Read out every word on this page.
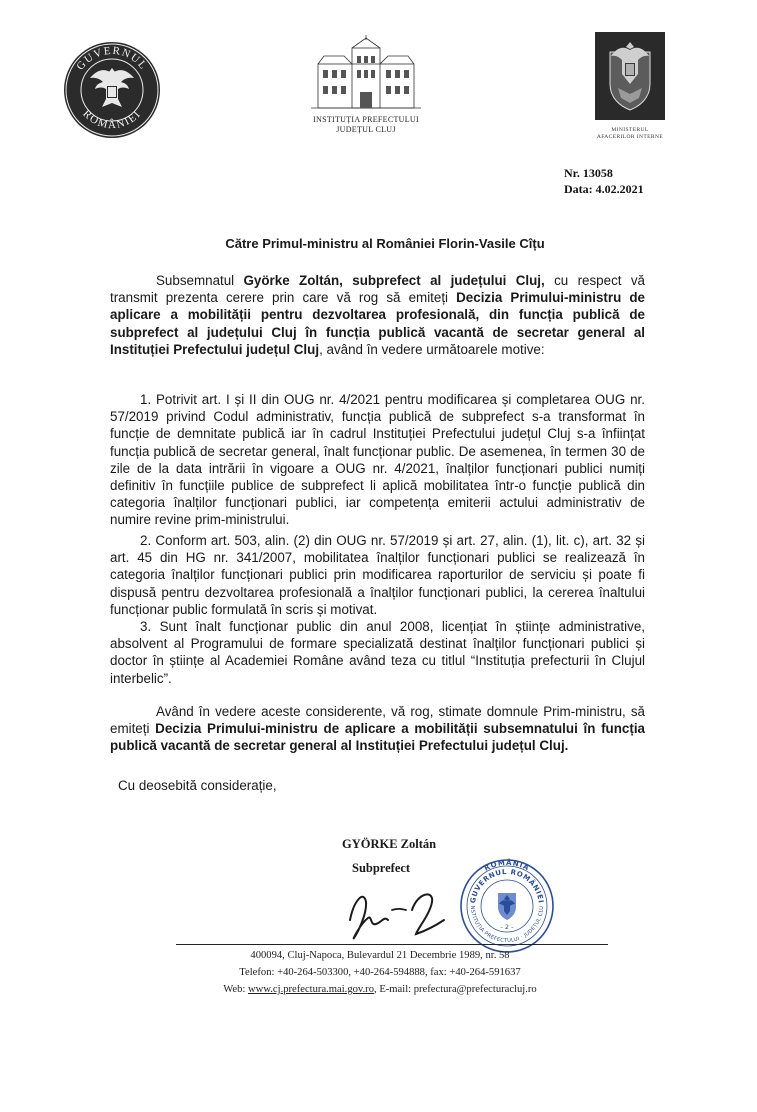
GUVERNUL
ROMÂNIEI	INSTITUȚIA PREFECTULUI
JUDEȚUL CLUJ	MINISTERUL
AFACERILOR INTERNE
Nr. 13058
Data: 4.02.2021
Către Primul-ministru al României Florin-Vasile Cîțu
Subsemnatul Györke Zoltán, subprefect al județului Cluj, cu respect vă transmit prezenta cerere prin care vă rog să emiteți Decizia Primului-ministru de aplicare a mobilității pentru dezvoltarea profesională, din funcția publică de subprefect al județului Cluj în funcția publică vacantă de secretar general al Instituției Prefectului județul Cluj, având în vedere următoarele motive:
1. Potrivit art. I și II din OUG nr. 4/2021 pentru modificarea și completarea OUG nr. 57/2019 privind Codul administrativ, funcția publică de subprefect s-a transformat în funcție de demnitate publică iar în cadrul Instituției Prefectului județul Cluj s-a înființat funcția publică de secretar general, înalt funcționar public. De asemenea, în termen 30 de zile de la data intrării în vigoare a OUG nr. 4/2021, înalților funcționari publici numiți definitiv în funcțiile publice de subprefect li aplică mobilitatea într-o funcție publică din categoria înalților funcționari publici, iar competența emiterii actului administrativ de numire revine prim-ministrului.
2. Conform art. 503, alin. (2) din OUG nr. 57/2019 și art. 27, alin. (1), lit. c), art. 32 și art. 45 din HG nr. 341/2007, mobilitatea înalților funcționari publici se realizează în categoria înalților funcționari publici prin modificarea raporturilor de serviciu și poate fi dispusă pentru dezvoltarea profesională a înalților funcționari publici, la cererea înaltului funcționar public formulată în scris și motivat.
3. Sunt înalt funcționar public din anul 2008, licențiat în științe administrative, absolvent al Programului de formare specializată destinat înalților funcționari publici și doctor în științe al Academiei Române având teza cu titlul “Instituția prefecturii în Clujul interbelic”.
Având în vedere aceste considerente, vă rog, stimate domnule Prim-ministru, să emiteți Decizia Primului-ministru de aplicare a mobilității subsemnatului în funcția publică vacantă de secretar general al Instituției Prefectului județul Cluj.
Cu deosebită considerație,
GYÖRKE Zoltán
Subprefect	ROMÂNIA
GUVERNUL ROMÂNIEI
NSTITUȚIA PREFECTULUI · JUDEȚUL CLU
- 2 -
400094, Cluj-Napoca, Bulevardul 21 Decembrie 1989, nr. 58
Telefon: +40-264-503300, +40-264-594888, fax: +40-264-591637
Web: www.cj.prefectura.mai.gov.ro, E-mail: prefectura@prefecturacluj.ro
